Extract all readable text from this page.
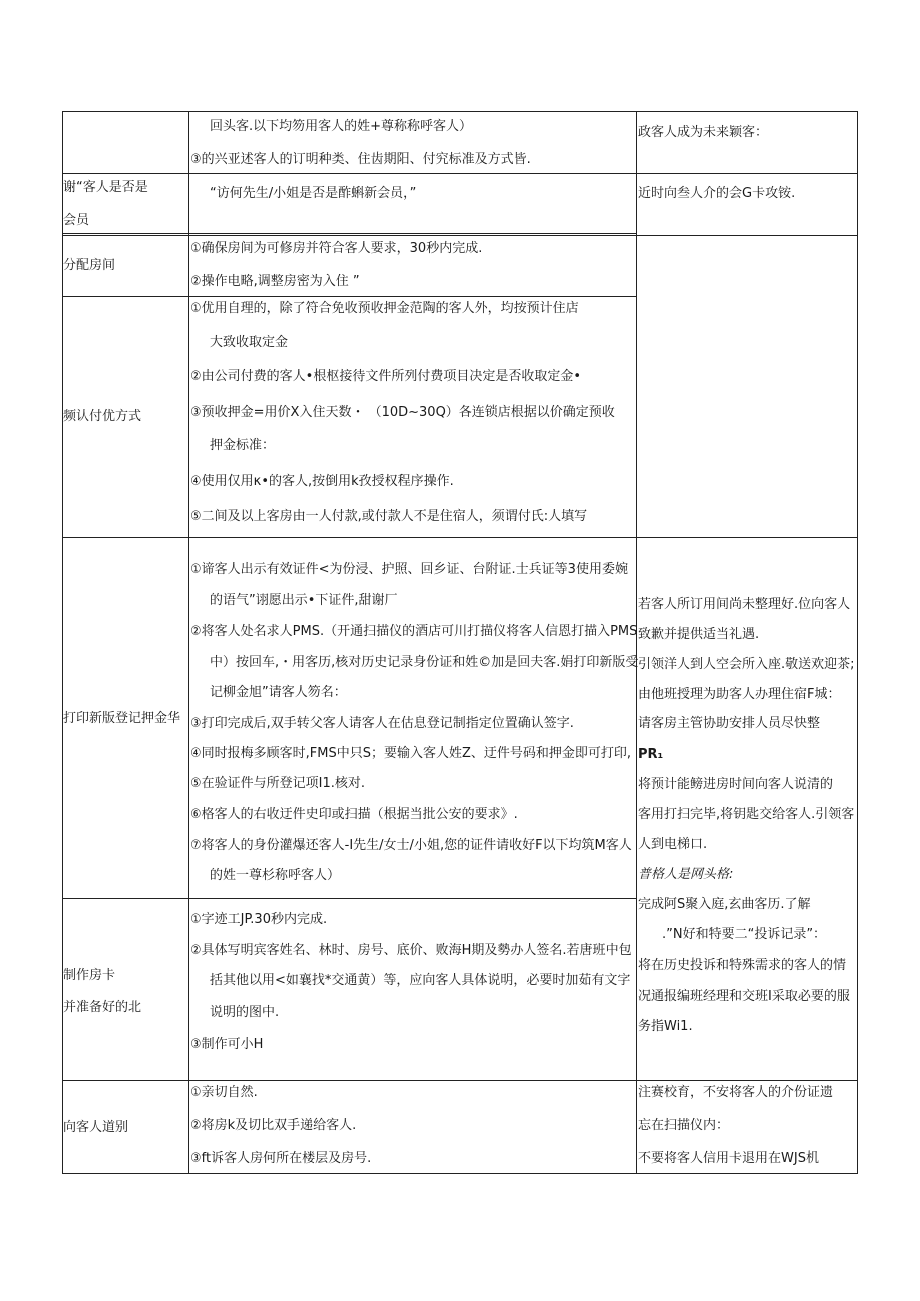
回头客.以下均笏用客人的姓+尊称称呼客人）
③的兴亚述客人的订明种类、住齿期阳、付究标准及方式皆.
政客人成为未来颖客：
谢“客人是否是
会员
“访何先生/小姐是否是酢蝌新会员，”	近时向叁人介的会G卡攻铵.
分配房间
①确保房间为可修房并符合客人要求，30秒内完成.
②操作电略,调整房密为入住 ”
频认付优方式
①优用自理的，除了符合免收预收押金范陶的客人外，均按预计住店
大致收取定金
②由公司付费的客人•根枢接待文件所列付费项目决定是否收取定金•
③预收押金=用价X入住天数・ （10D~30Q）各连锁店根据以价确定预收
押金标准：
④使用仅用κ•的客人,按倒用k孜授权程序操作.
⑤二间及以上客房由一人付款,或付款人不是住宿人，须谓付氏:人填写
打印新版登记押金华
①谛客人出示有效证件<为份浸、护照、回乡证、台附证.士兵证等3使用委婉
的语气”诩愿出示•下证件,甜谢厂
②将客人处名求人PMS.（开通扫描仪的酒店可川打描仪将客人信恩打描入PMS
中）按回车,・用客历,核对历史记录身份证和姓©加是回夫客.娟打印新版受
记柳金旭”请客人笏名：
③打印完成后,双手转父客人请客人在估息登记制指定位置确认签字.
④同时报梅多顾客时,FMS中只S；要输入客人姓Z、迂件号码和押金即可打印,
⑤在验证件与所登记项I1.核对.
⑥格客人的右收迂件史印或扫描（根据当批公安的要求》.
⑦将客人的身份灌爆还客人-I先生/女士/小姐,您的证件请收好F以下均筑M客人
的姓一尊杉称呼客人）
若客人所订用间尚未整理好.位向客人
致歉并提供适当礼遇.
引领洋人到人空会所入座.敬送欢迎茶;
由他班授理为助客人办理住宿F城：
请客房主管协助安排人员尽快整
PR₁
将预计能鳑进房时间向客人说清的
客用打扫完毕,将钥匙交给客人.引领客
人到电梯口.
普格人是网头格:
完成阿S聚入庭,玄曲客历.了解
.”N好和特要二“投诉记录”：
将在历史投诉和特殊需求的客人的情
况通报编班经理和交班I采取必要的服
务指Wi1.
制作房卡
并准备好的北
①字迹工JP.30秒内完成.
②具体写明宾客姓名、林时、房号、底价、败海H期及勢办人签名.若唐班中包
括其他以用<如襄找*交通黄）等，应向客人具体说明，必要时加茹有文字
说明的图中.
③制作可小H
向客人道别
①亲切自然.
②将房k及切比双手递给客人.
③ft诉客人房何所在楼层及房号.
注赛校育，不安将客人的介份证遗
忘在扫描仪内：
不要将客人信用卡退用在WJS机
